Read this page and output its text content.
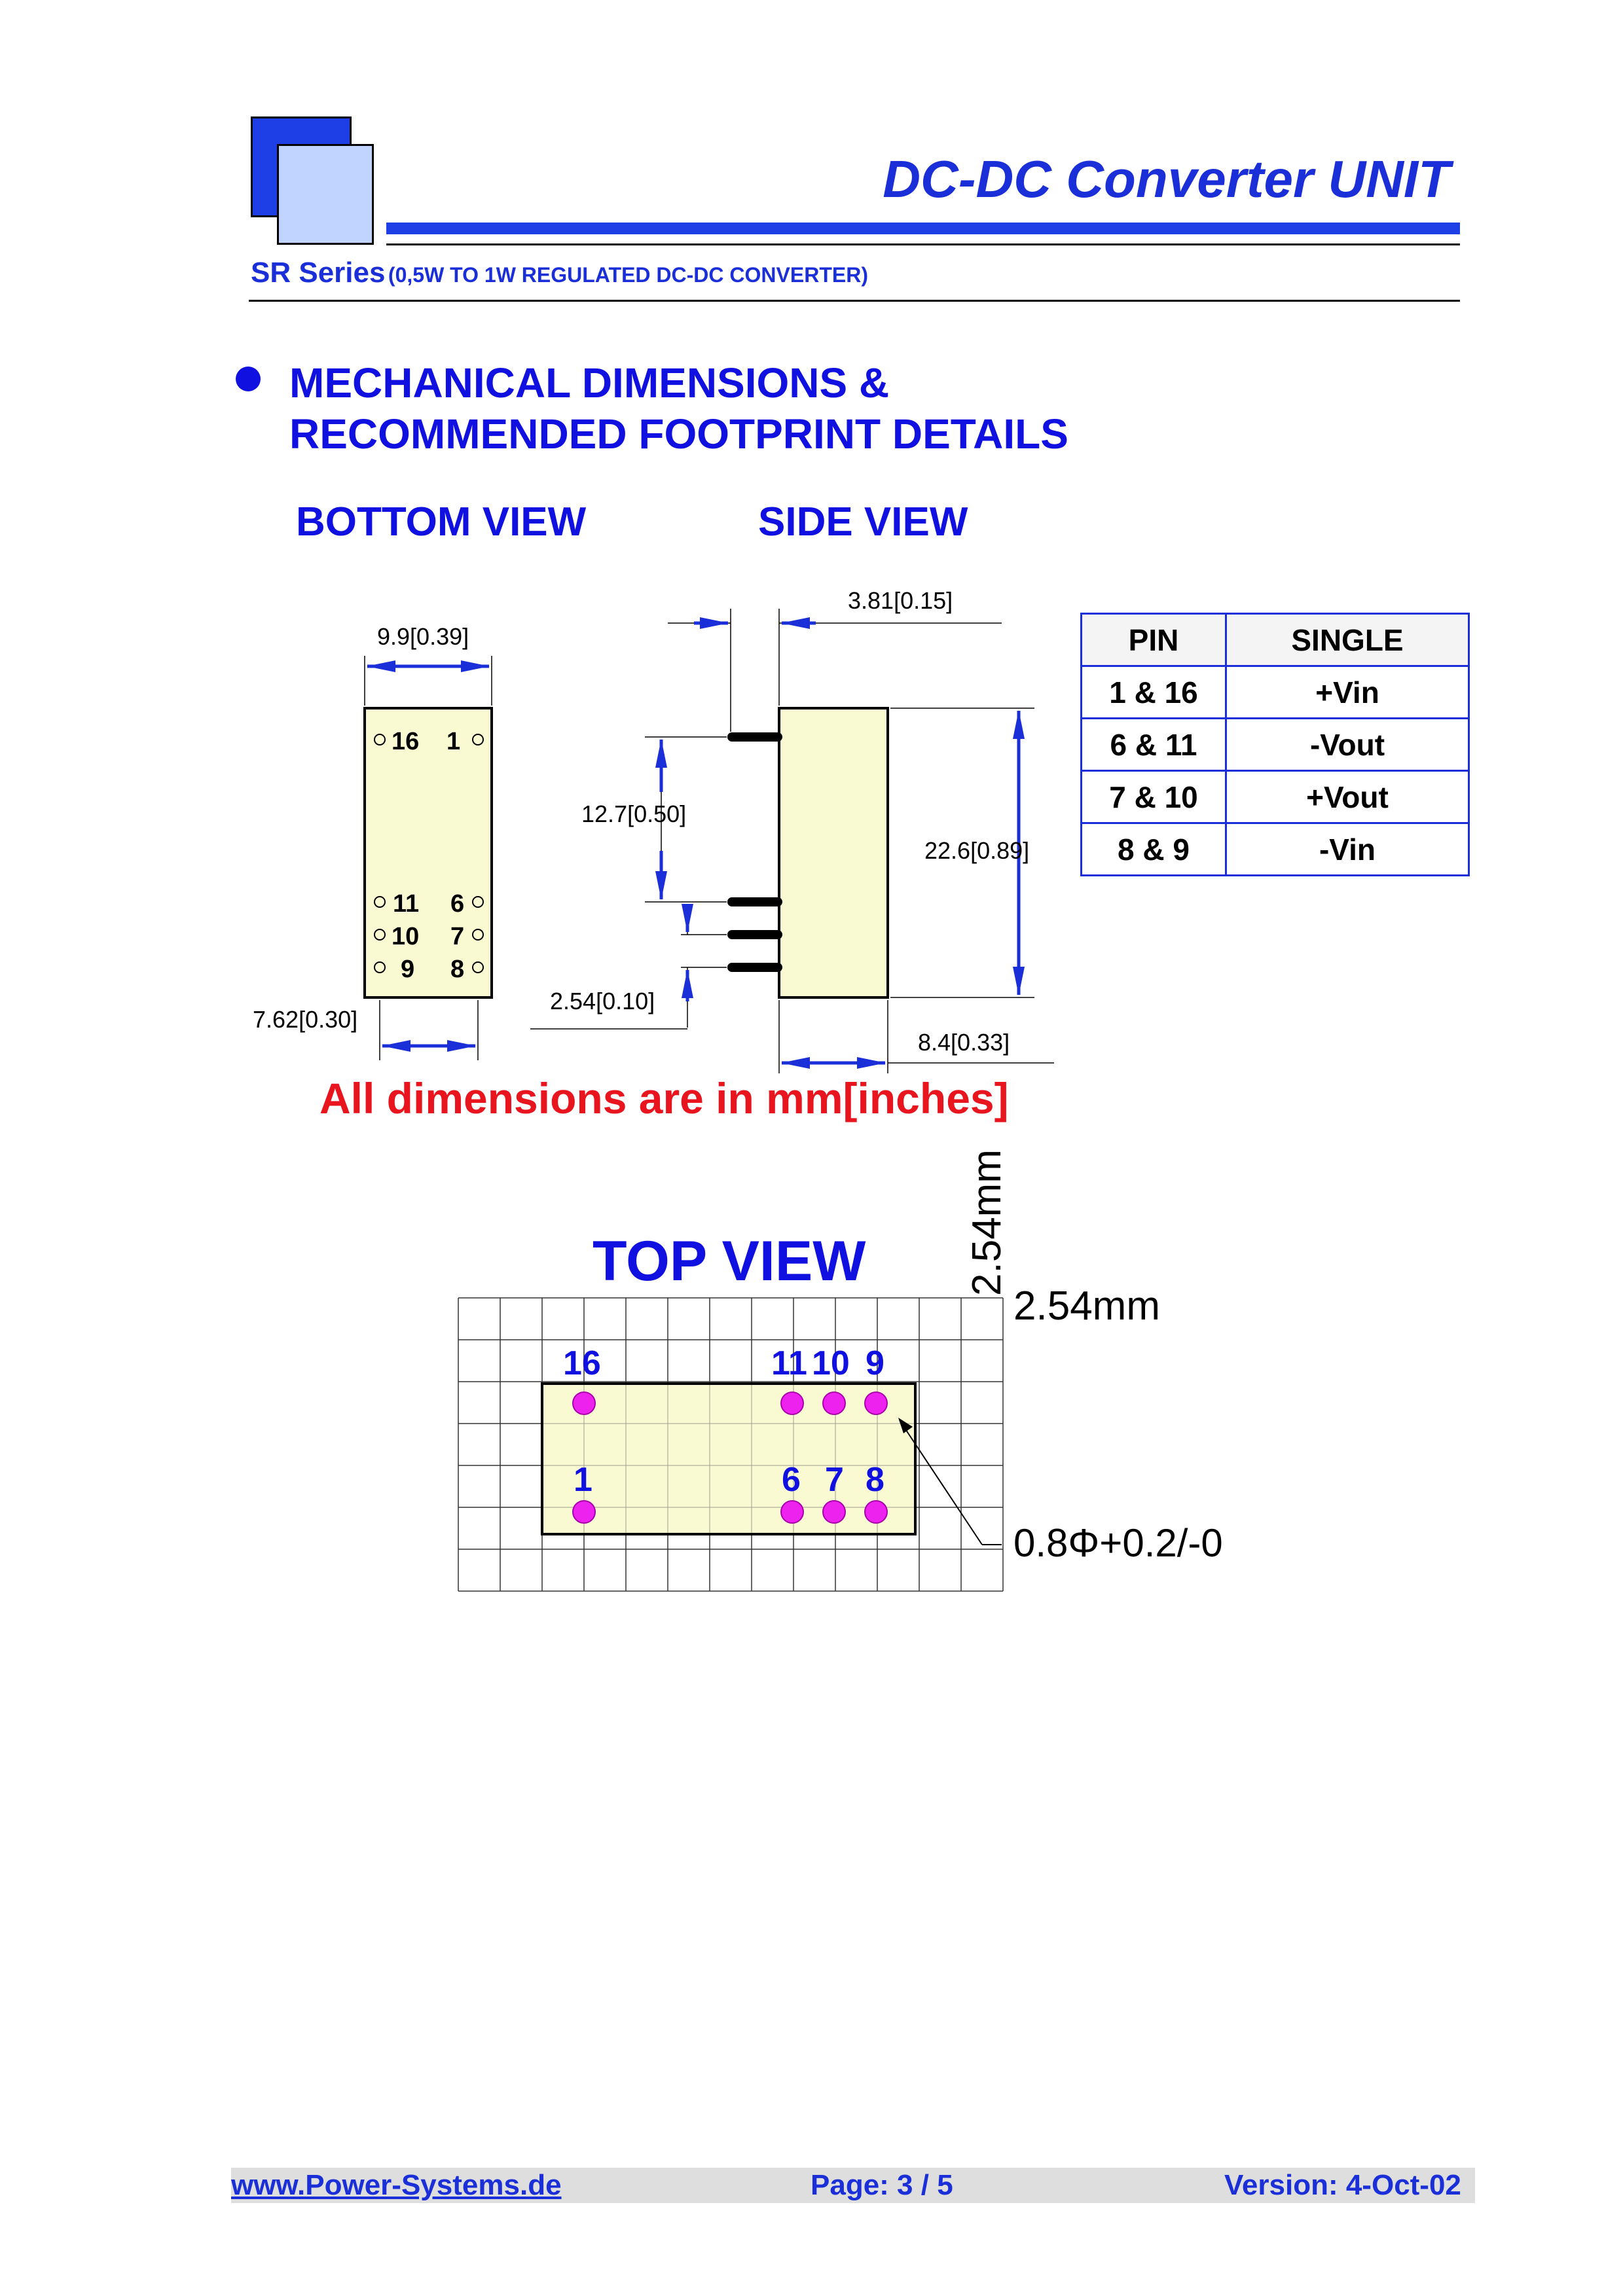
DC-DC Converter UNIT
SR Series (0,5W TO 1W REGULATED DC-DC CONVERTER)
MECHANICAL DIMENSIONS &
RECOMMENDED FOOTPRINT DETAILS
BOTTOM VIEW	SIDE VIEW
16 1
11 6
10 7
9 8
9.9[0.39]
7.62[0.30]
3.81[0.15]
12.7[0.50]
2.54[0.10]
22.6[0.89]
8.4[0.33]
PIN	SINGLE
1 & 16	+Vin
6 & 11	-Vout
7 & 10	+Vout
8 & 9	-Vin
All dimensions are in mm[inches]
TOP VIEW
16	11 10 9
1	6 7 8
0.8Φ+0.2/-0
2.54mm
2.54mm
www.Power-Systems.de	Page: 3 / 5	Version: 4-Oct-02
